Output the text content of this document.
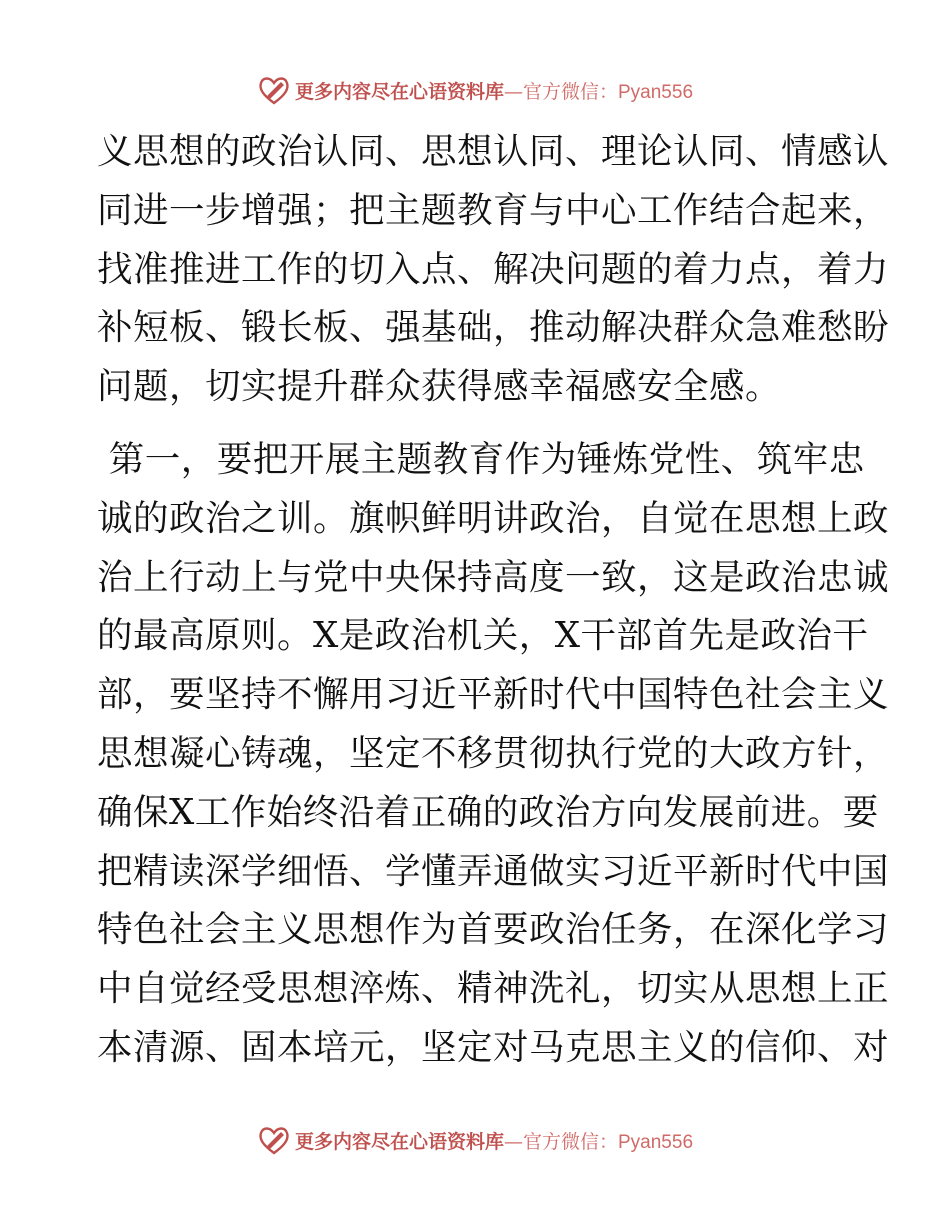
更多内容尽在心语资料库—官方微信：Pyan556
义思想的政治认同、思想认同、理论认同、情感认
同进一步增强；把主题教育与中心工作结合起来，
找准推进工作的切入点、解决问题的着力点，着力
补短板、锻长板、强基础，推动解决群众急难愁盼
问题，切实提升群众获得感幸福感安全感。
第一，要把开展主题教育作为锤炼党性、筑牢忠
诚的政治之训。旗帜鲜明讲政治，自觉在思想上政
治上行动上与党中央保持高度一致，这是政治忠诚
的最高原则。X是政治机关，X干部首先是政治干
部，要坚持不懈用习近平新时代中国特色社会主义
思想凝心铸魂，坚定不移贯彻执行党的大政方针，
确保X工作始终沿着正确的政治方向发展前进。要
把精读深学细悟、学懂弄通做实习近平新时代中国
特色社会主义思想作为首要政治任务，在深化学习
中自觉经受思想淬炼、精神洗礼，切实从思想上正
本清源、固本培元，坚定对马克思主义的信仰、对
更多内容尽在心语资料库—官方微信：Pyan556
